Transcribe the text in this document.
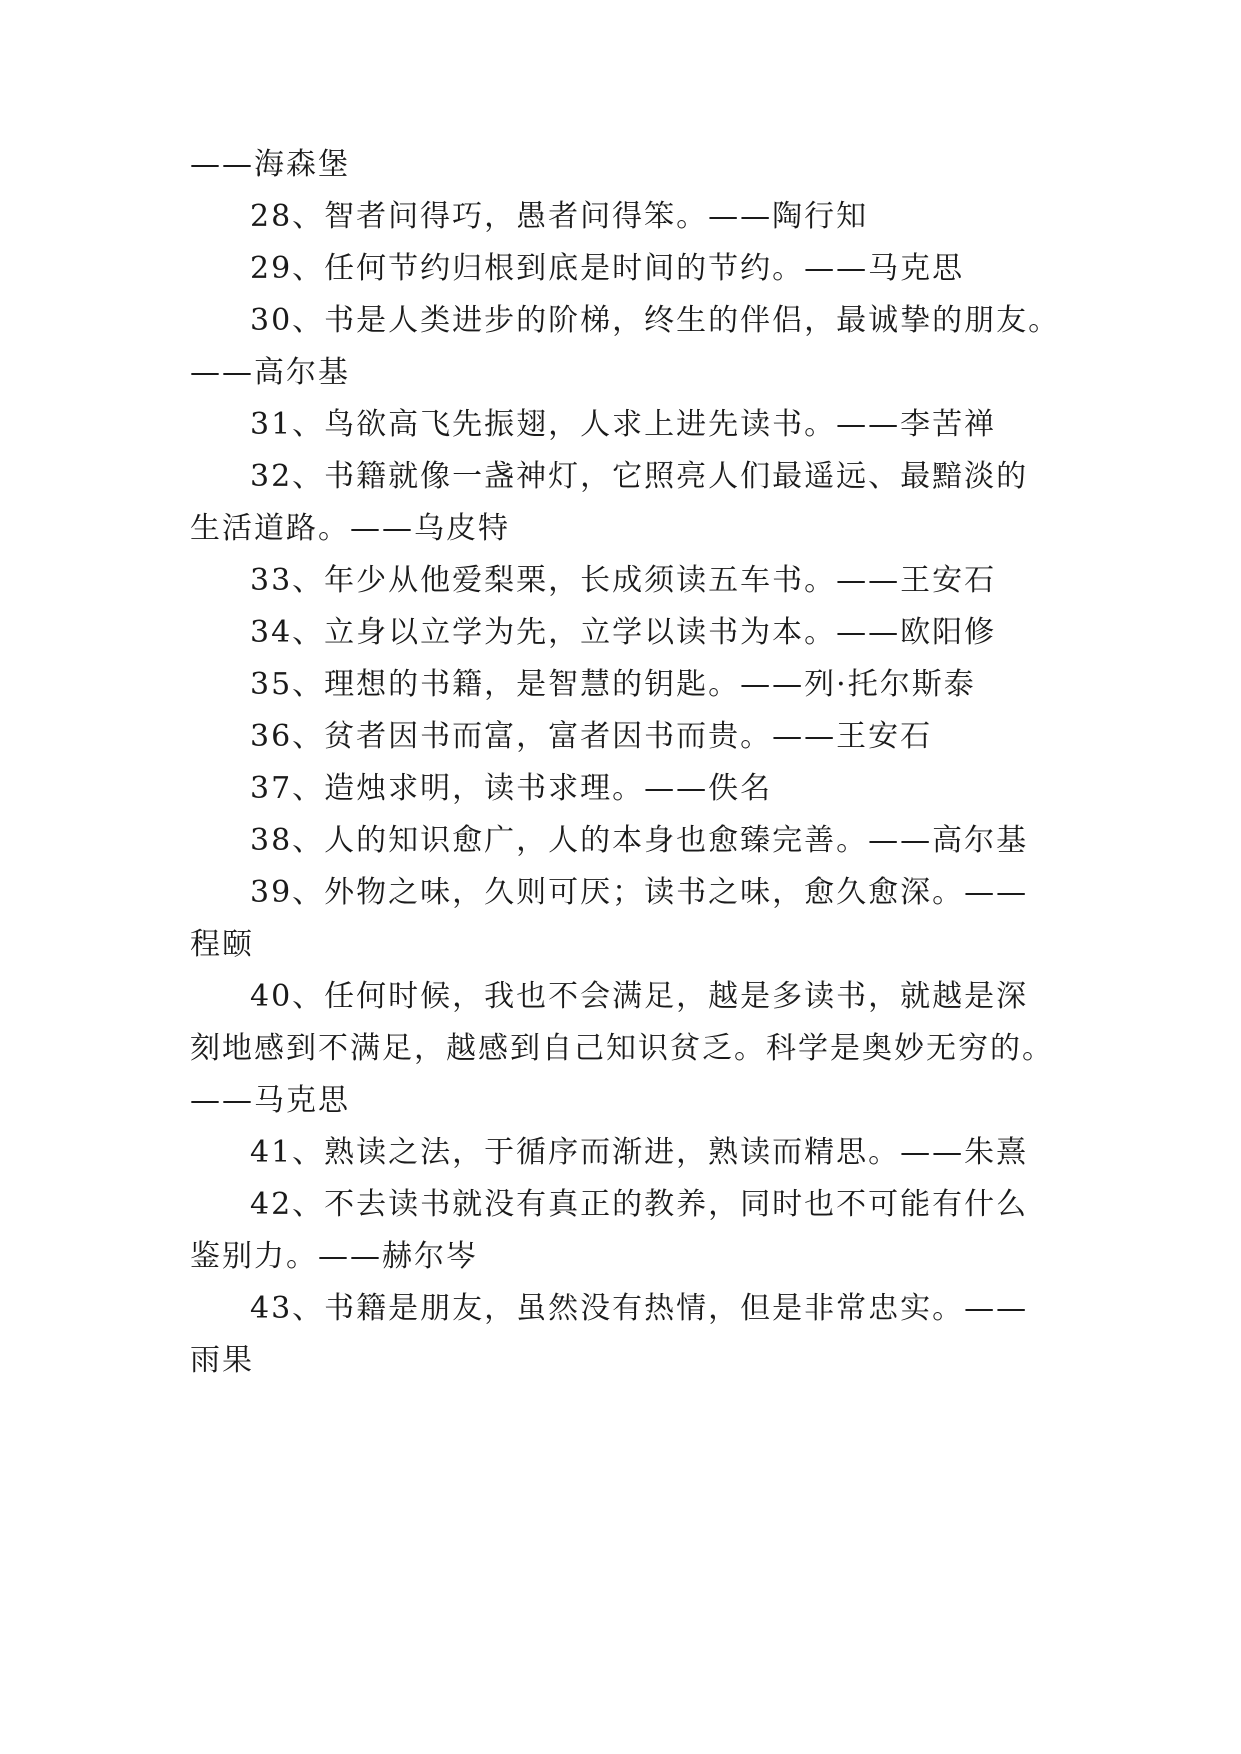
——海森堡
28、智者问得巧，愚者问得笨。——陶行知
29、任何节约归根到底是时间的节约。——马克思
30、书是人类进步的阶梯，终生的伴侣，最诚挚的朋友。
——高尔基
31、鸟欲高飞先振翅，人求上进先读书。——李苦禅
32、书籍就像一盏神灯，它照亮人们最遥远、最黯淡的
生活道路。——乌皮特
33、年少从他爱梨栗，长成须读五车书。——王安石
34、立身以立学为先，立学以读书为本。——欧阳修
35、理想的书籍，是智慧的钥匙。——列·托尔斯泰
36、贫者因书而富，富者因书而贵。——王安石
37、造烛求明，读书求理。——佚名
38、人的知识愈广，人的本身也愈臻完善。——高尔基
39、外物之味，久则可厌；读书之味，愈久愈深。——
程颐
40、任何时候，我也不会满足，越是多读书，就越是深
刻地感到不满足，越感到自己知识贫乏。科学是奥妙无穷的。
——马克思
41、熟读之法，于循序而渐进，熟读而精思。——朱熹
42、不去读书就没有真正的教养，同时也不可能有什么
鉴别力。——赫尔岑
43、书籍是朋友，虽然没有热情，但是非常忠实。——
雨果
